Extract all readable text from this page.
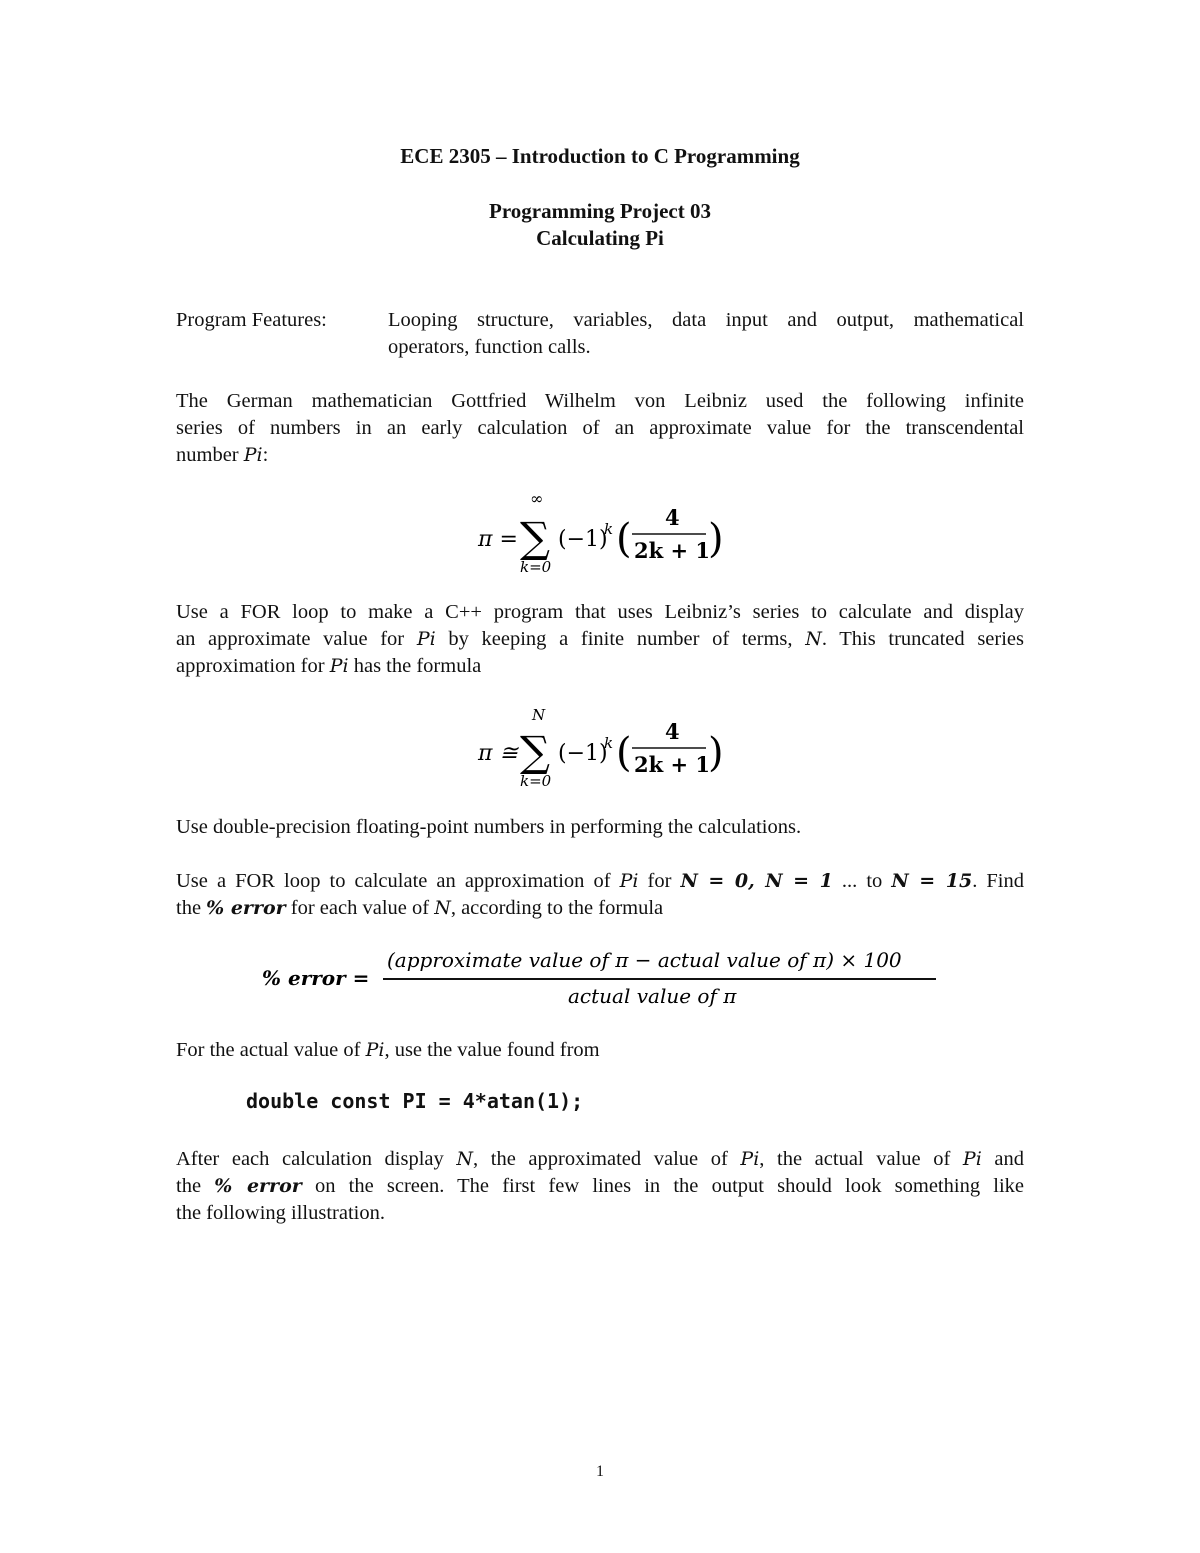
ECE 2305 – Introduction to C Programming
Programming Project 03
Calculating Pi
Program Features:	Looping structure, variables, data input and output, mathematical
operators, function calls.
The German mathematician Gottfried Wilhelm von Leibniz used the following infinite
series of numbers in an early calculation of an approximate value for the transcendental
number Pi:
π =
∞
∑
k=0
(−1)
k ( 4
2k + 1
)
Use a FOR loop to make a C++ program that uses Leibniz’s series to calculate and display
an approximate value for Pi by keeping a finite number of terms, N. This truncated series
approximation for Pi has the formula
π ≅
N
∑
k=0
(−1)
k ( 4
2k + 1
)
Use double-precision floating-point numbers in performing the calculations.
Use a FOR loop to calculate an approximation of Pi for N = 0, N = 1 ... to N = 15. Find
the % error for each value of N, according to the formula
% error =
(approximate value of π − actual value of π) × 100
actual value of π
For the actual value of Pi, use the value found from
double const PI = 4*atan(1);
After each calculation display N, the approximated value of Pi, the actual value of Pi and
the % error on the screen. The first few lines in the output should look something like
the following illustration.
1
